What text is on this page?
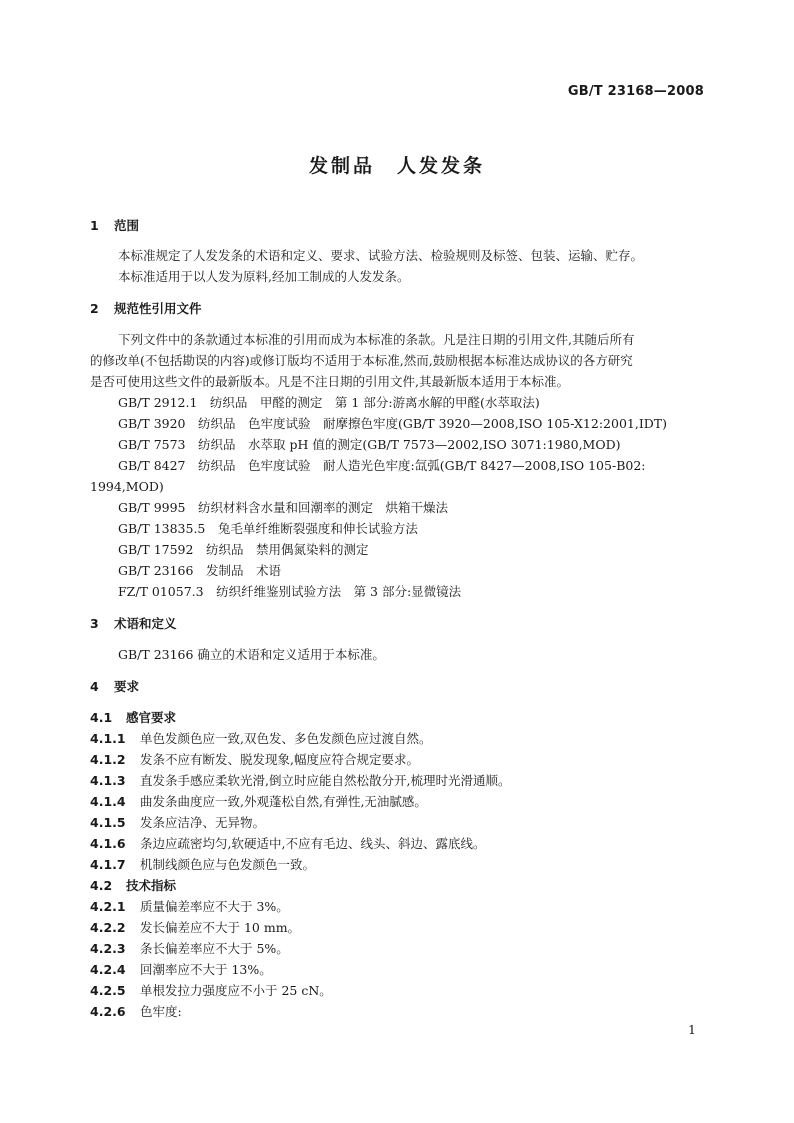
GB/T 23168—2008
发制品　人发发条
1 范围
本标准规定了人发发条的术语和定义、要求、试验方法、检验规则及标签、包装、运输、贮存。
本标准适用于以人发为原料,经加工制成的人发发条。
2 规范性引用文件
下列文件中的条款通过本标准的引用而成为本标准的条款。凡是注日期的引用文件,其随后所有
的修改单(不包括勘误的内容)或修订版均不适用于本标准,然而,鼓励根据本标准达成协议的各方研究
是否可使用这些文件的最新版本。凡是不注日期的引用文件,其最新版本适用于本标准。
GB/T 2912.1　纺织品　甲醛的测定　第 1 部分:游离水解的甲醛(水萃取法)
GB/T 3920　纺织品　色牢度试验　耐摩擦色牢度(GB/T 3920—2008,ISO 105-X12:2001,IDT)
GB/T 7573　纺织品　水萃取 pH 值的测定(GB/T 7573—2002,ISO 3071:1980,MOD)
GB/T 8427　纺织品　色牢度试验　耐人造光色牢度:氙弧(GB/T 8427—2008,ISO 105-B02:
1994,MOD)
GB/T 9995　纺织材料含水量和回潮率的测定　烘箱干燥法
GB/T 13835.5　兔毛单纤维断裂强度和伸长试验方法
GB/T 17592　纺织品　禁用偶氮染料的测定
GB/T 23166　发制品　术语
FZ/T 01057.3　纺织纤维鉴别试验方法　第 3 部分:显微镜法
3 术语和定义
GB/T 23166 确立的术语和定义适用于本标准。
4 要求
4.1 感官要求
4.1.1 单色发颜色应一致,双色发、多色发颜色应过渡自然。
4.1.2 发条不应有断发、脱发现象,幅度应符合规定要求。
4.1.3 直发条手感应柔软光滑,倒立时应能自然松散分开,梳理时光滑通顺。
4.1.4 曲发条曲度应一致,外观蓬松自然,有弹性,无油腻感。
4.1.5 发条应洁净、无异物。
4.1.6 条边应疏密均匀,软硬适中,不应有毛边、线头、斜边、露底线。
4.1.7 机制线颜色应与色发颜色一致。
4.2 技术指标
4.2.1 质量偏差率应不大于 3%。
4.2.2 发长偏差应不大于 10 mm。
4.2.3 条长偏差率应不大于 5%。
4.2.4 回潮率应不大于 13%。
4.2.5 单根发拉力强度应不小于 25 cN。
4.2.6 色牢度:
1
